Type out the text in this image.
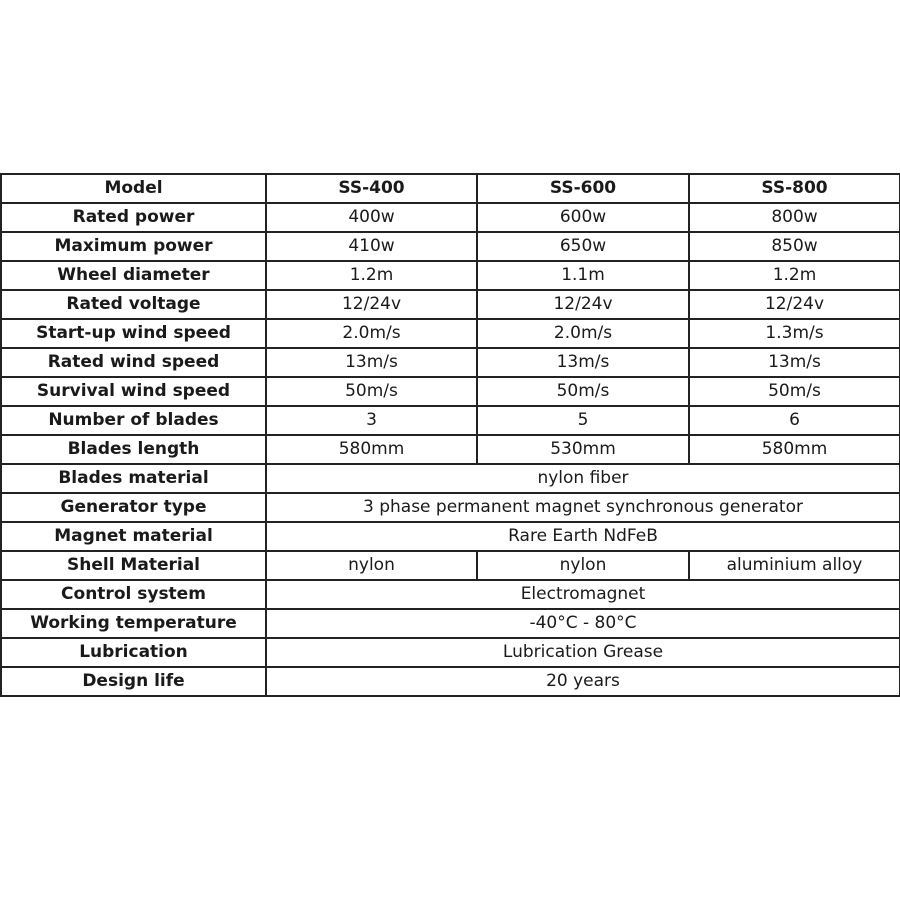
Model	SS-400	SS-600	SS-800
Rated power	400w	600w	800w
Maximum power	410w	650w	850w
Wheel diameter	1.2m	1.1m	1.2m
Rated voltage	12/24v	12/24v	12/24v
Start-up wind speed	2.0m/s	2.0m/s	1.3m/s
Rated wind speed	13m/s	13m/s	13m/s
Survival wind speed	50m/s	50m/s	50m/s
Number of blades	3	5	6
Blades length	580mm	530mm	580mm
Blades material	nylon fiber		
Generator type	3 phase permanent magnet synchronous generator		
Magnet material	Rare Earth NdFeB		
Shell Material	nylon	nylon	aluminium alloy
Control system	Electromagnet		
Working temperature	-40°C - 80°C		
Lubrication	Lubrication Grease		
Design life	20 years		
